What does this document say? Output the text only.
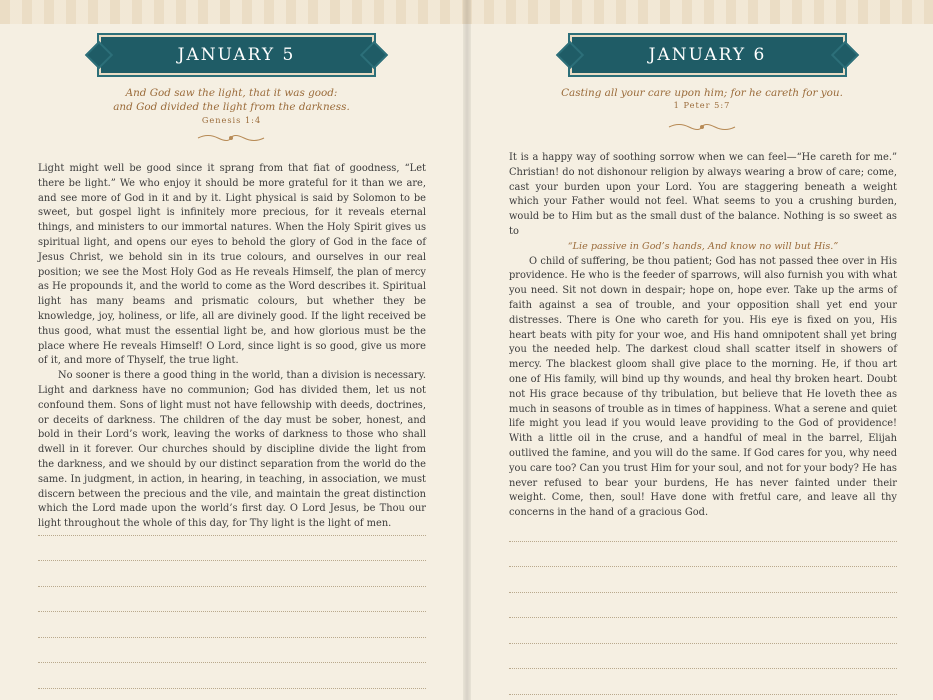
JANUARY 5
And God saw the light, that it was good:
and God divided the light from the darkness.
Genesis 1:4

Light might well be good since it sprang from that fiat of goodness, “Let there be light.” We who enjoy it should be more grateful for it than we are, and see more of God in it and by it. Light physical is said by Solomon to be sweet, but gospel light is infinitely more precious, for it reveals eternal things, and ministers to our immortal natures. When the Holy Spirit gives us spiritual light, and opens our eyes to behold the glory of God in the face of Jesus Christ, we behold sin in its true colours, and ourselves in our real position; we see the Most Holy God as He reveals Himself, the plan of mercy as He propounds it, and the world to come as the Word describes it. Spiritual light has many beams and prismatic colours, but whether they be knowledge, joy, holiness, or life, all are divinely good. If the light received be thus good, what must the essential light be, and how glorious must be the place where He reveals Himself! O Lord, since light is so good, give us more of it, and more of Thyself, the true light.

No sooner is there a good thing in the world, than a division is necessary. Light and darkness have no communion; God has divided them, let us not confound them. Sons of light must not have fellowship with deeds, doctrines, or deceits of darkness. The children of the day must be sober, honest, and bold in their Lord’s work, leaving the works of darkness to those who shall dwell in it forever. Our churches should by discipline divide the light from the darkness, and we should by our distinct separation from the world do the same. In judgment, in action, in hearing, in teaching, in association, we must discern between the precious and the vile, and maintain the great distinction which the Lord made upon the world’s first day. O Lord Jesus, be Thou our light throughout the whole of this day, for Thy light is the light of men.

JANUARY 6
Casting all your care upon him; for he careth for you.
1 Peter 5:7

It is a happy way of soothing sorrow when we can feel—“He careth for me.” Christian! do not dishonour religion by always wearing a brow of care; come, cast your burden upon your Lord. You are staggering beneath a weight which your Father would not feel. What seems to you a crushing burden, would be to Him but as the small dust of the balance. Nothing is so sweet as to

“Lie passive in God’s hands, And know no will but His.”

O child of suffering, be thou patient; God has not passed thee over in His providence. He who is the feeder of sparrows, will also furnish you with what you need. Sit not down in despair; hope on, hope ever. Take up the arms of faith against a sea of trouble, and your opposition shall yet end your distresses. There is One who careth for you. His eye is fixed on you, His heart beats with pity for your woe, and His hand omnipotent shall yet bring you the needed help. The darkest cloud shall scatter itself in showers of mercy. The blackest gloom shall give place to the morning. He, if thou art one of His family, will bind up thy wounds, and heal thy broken heart. Doubt not His grace because of thy tribulation, but believe that He loveth thee as much in seasons of trouble as in times of happiness. What a serene and quiet life might you lead if you would leave providing to the God of providence! With a little oil in the cruse, and a handful of meal in the barrel, Elijah outlived the famine, and you will do the same. If God cares for you, why need you care too? Can you trust Him for your soul, and not for your body? He has never refused to bear your burdens, He has never fainted under their weight. Come, then, soul! Have done with fretful care, and leave all thy concerns in the hand of a gracious God.
